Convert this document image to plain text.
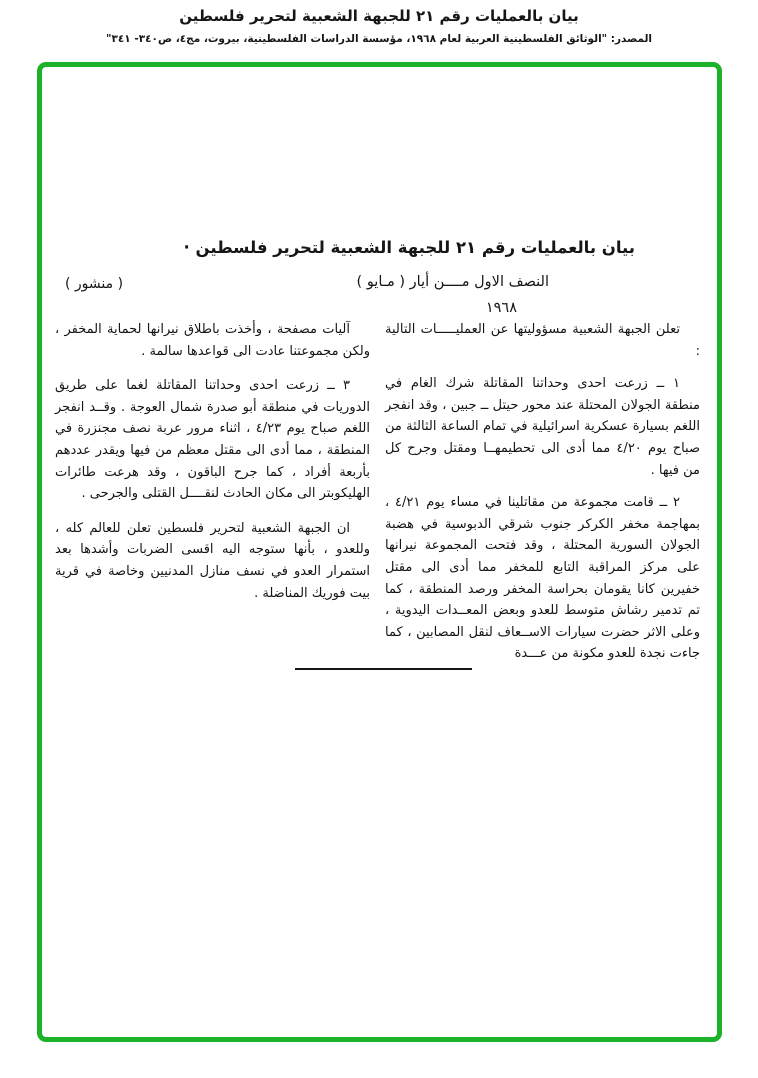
بيان بالعمليات رقم ٢١ للجبهة الشعبية لتحرير فلسطين
المصدر: "الوثائق الفلسطينية العربية لعام ١٩٦٨، مؤسسة الدراسات الفلسطينية، بيروت، مج٤، ص٣٤٠- ٣٤١"
بيان بالعمليات رقم ٢١ للجبهة الشعبية لتحرير فلسطين ·
النصف الاول مــــن أيار ( مـايو )
( منشور )
١٩٦٨

تعلن الجبهة الشعبية مسؤوليتها عن العمليـــــات التالية :

١ ــ زرعت احدى وحداتنا المقاتلة شرك الغام في منطقة الجولان المحتلة عند محور حيتل ــ جبين ، وقد انفجر اللغم بسيارة عسكرية اسرائيلية في تمام الساعة الثالثة من صباح يوم ٤/٢٠ مما أدى الى تحطيمهــا ومقتل وجرح كل من فيها .

٢ ــ قامت مجموعة من مقاتلينا في مساء يوم ٤/٢١ ، بمهاجمة مخفر الكركر جنوب شرقي الدبوسية في هضبة الجولان السورية المحتلة ، وقد فتحت المجموعة نيرانها على مركز المراقبة التابع للمخفر مما أدى الى مقتل خفيرين كانا يقومان بحراسة المخفر ورصد المنطقة ، كما تم تدمير رشاش متوسط للعدو وبعض المعــدات اليدوية ، وعلى الاثر حضرت سيارات الاســعاف لنقل المصابين ، كما جاءت نجدة للعدو مكونة من عـــدة

آليات مصفحة ، وأخذت باطلاق نيرانها لحماية المخفر ، ولكن مجموعتنا عادت الى قواعدها سالمة .

٣ ــ زرعت احدى وحداتنا المقاتلة لغما على طريق الدوريات في منطقة أبو صدرة شمال العوجة . وقــد انفجر اللغم صباح يوم ٤/٢٣ ، اثناء مرور عربة نصف مجنزرة في المنطقة ، مما أدى الى مقتل معظم من فيها ويقدر عددهم بأربعة أفراد ، كما جرح الباقون ، وقد هرعت طائرات الهليكوبتر الى مكان الحادث لنقــــل القتلى والجرحى .

ان الجبهة الشعبية لتحرير فلسطين تعلن للعالم كله ، وللعدو ، بأنها ستوجه اليه اقسى الضربات وأشدها بعد استمرار العدو في نسف منازل المدنيين وخاصة في قرية بيت فوريك المناضلة .
